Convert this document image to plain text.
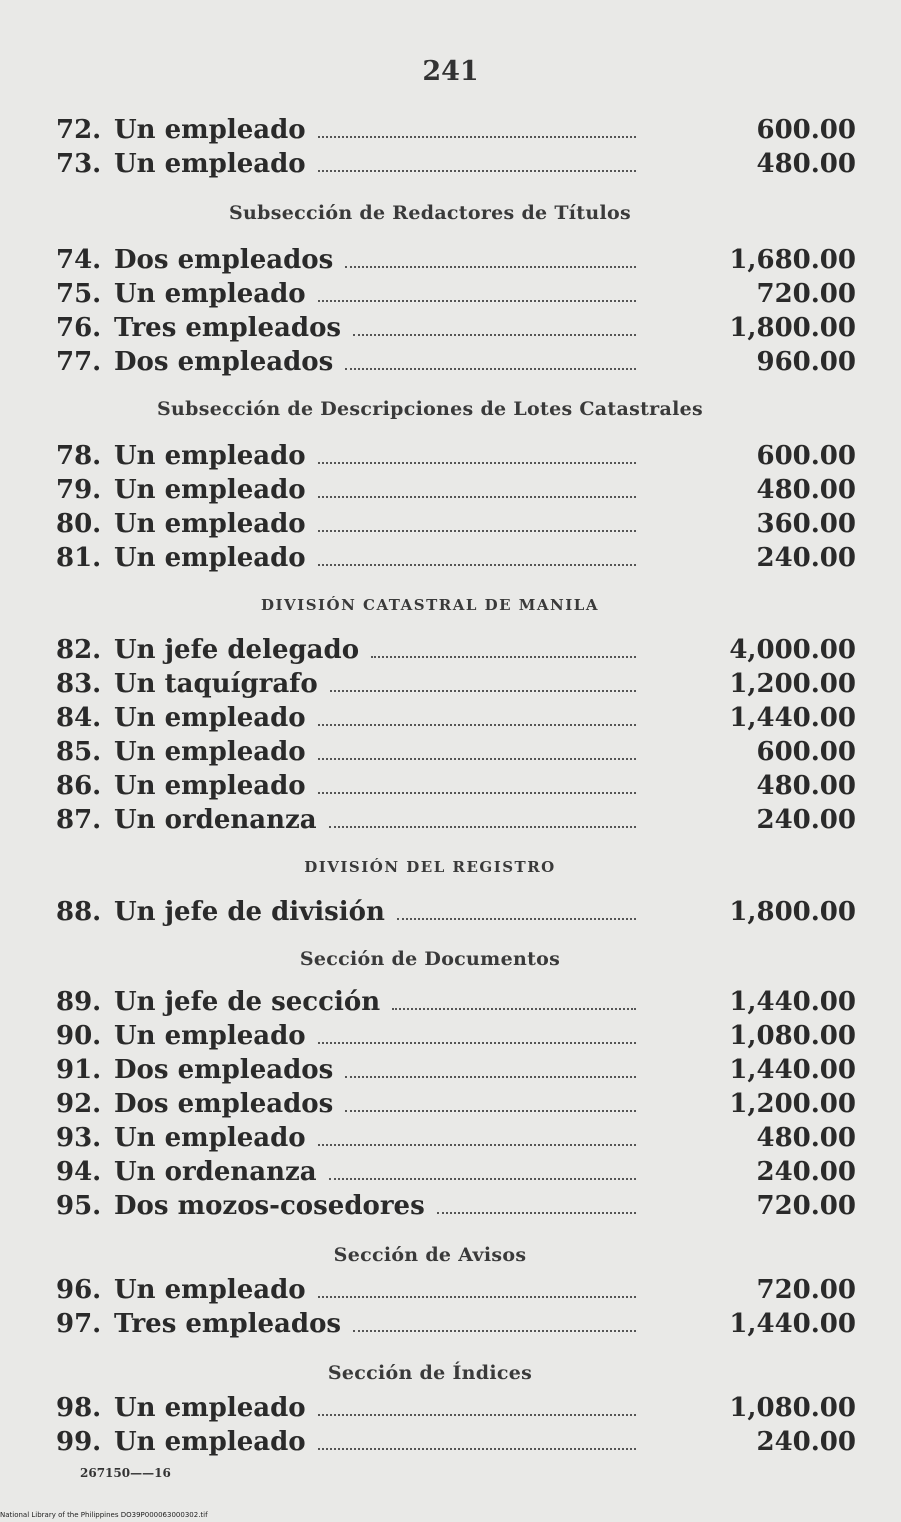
241
72. Un empleado	600.00
73. Un empleado	480.00
Subsección de Redactores de Títulos
74. Dos empleados	1,680.00
75. Un empleado	720.00
76. Tres empleados	1,800.00
77. Dos empleados	960.00
Subsección de Descripciones de Lotes Catastrales
78. Un empleado	600.00
79. Un empleado	480.00
80. Un empleado	360.00
81. Un empleado	240.00
DIVISIÓN CATASTRAL DE MANILA
82. Un jefe delegado	4,000.00
83. Un taquígrafo	1,200.00
84. Un empleado	1,440.00
85. Un empleado	600.00
86. Un empleado	480.00
87. Un ordenanza	240.00
DIVISIÓN DEL REGISTRO
88. Un jefe de división	1,800.00
Sección de Documentos
89. Un jefe de sección	1,440.00
90. Un empleado	1,080.00
91. Dos empleados	1,440.00
92. Dos empleados	1,200.00
93. Un empleado	480.00
94. Un ordenanza	240.00
95. Dos mozos-cosedores	720.00
Sección de Avisos
96. Un empleado	720.00
97. Tres empleados	1,440.00
Sección de Índices
98. Un empleado	1,080.00
99. Un empleado	240.00
267150——16
National Library of the Philippines DO39P000063000302.tif
